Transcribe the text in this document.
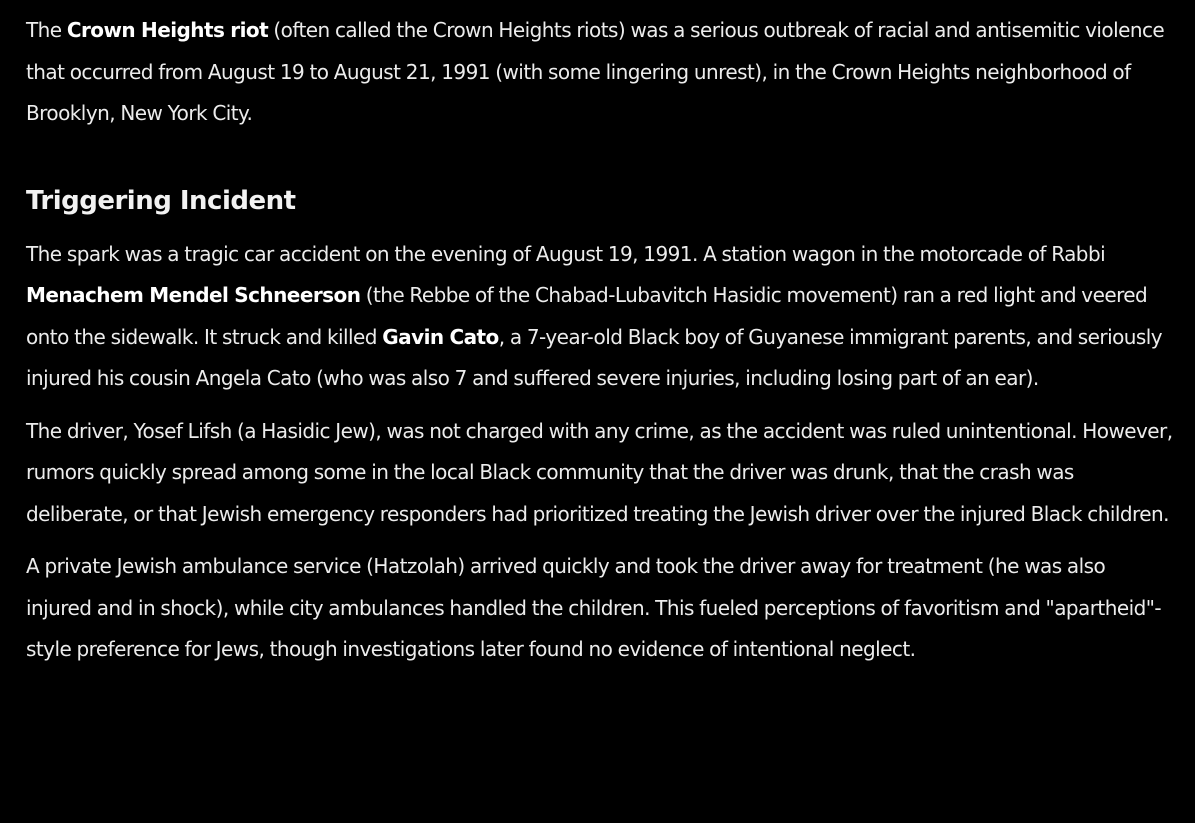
The Crown Heights riot (often called the Crown Heights riots) was a serious outbreak of racial and antisemitic violence that occurred from August 19 to August 21, 1991 (with some lingering unrest), in the Crown Heights neighborhood of Brooklyn, New York City.

Triggering Incident

The spark was a tragic car accident on the evening of August 19, 1991. A station wagon in the motorcade of Rabbi Menachem Mendel Schneerson (the Rebbe of the Chabad-Lubavitch Hasidic movement) ran a red light and veered onto the sidewalk. It struck and killed Gavin Cato, a 7-year-old Black boy of Guyanese immigrant parents, and seriously injured his cousin Angela Cato (who was also 7 and suffered severe injuries, including losing part of an ear).

The driver, Yosef Lifsh (a Hasidic Jew), was not charged with any crime, as the accident was ruled unintentional. However, rumors quickly spread among some in the local Black community that the driver was drunk, that the crash was deliberate, or that Jewish emergency responders had prioritized treating the Jewish driver over the injured Black children.

A private Jewish ambulance service (Hatzolah) arrived quickly and took the driver away for treatment (he was also injured and in shock), while city ambulances handled the children. This fueled perceptions of favoritism and "apartheid"-style preference for Jews, though investigations later found no evidence of intentional neglect.
